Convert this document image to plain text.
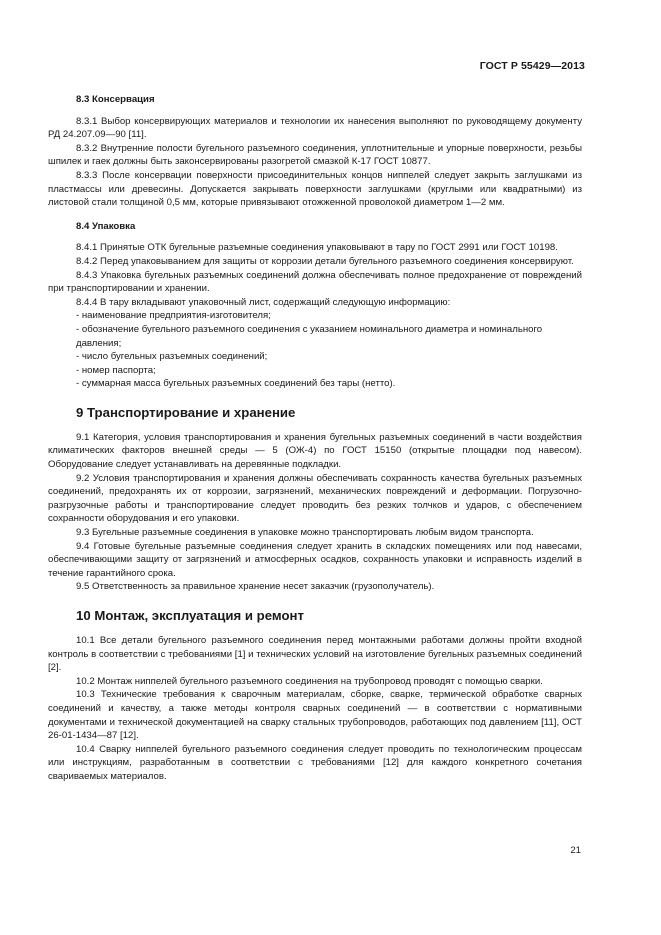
ГОСТ Р 55429—2013
8.3 Консервация

8.3.1 Выбор консервирующих материалов и технологии их нанесения выполняют по руководящему документу РД 24.207.09—90 [11].

8.3.2 Внутренние полости бугельного разъемного соединения, уплотнительные и упорные поверхности, резьбы шпилек и гаек должны быть законсервированы разогретой смазкой К-17 ГОСТ 10877.

8.3.3 После консервации поверхности присоединительных концов ниппелей следует закрыть заглушками из пластмассы или древесины. Допускается закрывать поверхности заглушками (круглыми или квадратными) из листовой стали толщиной 0,5 мм, которые привязывают отожженной проволокой диаметром 1—2 мм.

8.4 Упаковка

8.4.1 Принятые ОТК бугельные разъемные соединения упаковывают в тару по ГОСТ 2991 или ГОСТ 10198.

8.4.2 Перед упаковыванием для защиты от коррозии детали бугельного разъемного соединения консервируют.

8.4.3 Упаковка бугельных разъемных соединений должна обеспечивать полное предохранение от повреждений при транспортировании и хранении.

8.4.4 В тару вкладывают упаковочный лист, содержащий следующую информацию:

- наименование предприятия-изготовителя;

- обозначение бугельного разъемного соединения с указанием номинального диаметра и номинального давления;

- число бугельных разъемных соединений;

- номер паспорта;

- суммарная масса бугельных разъемных соединений без тары (нетто).

9 Транспортирование и хранение

9.1 Категория, условия транспортирования и хранения бугельных разъемных соединений в части воздействия климатических факторов внешней среды — 5 (ОЖ-4) по ГОСТ 15150 (открытые площадки под навесом). Оборудование следует устанавливать на деревянные подкладки.

9.2 Условия транспортирования и хранения должны обеспечивать сохранность качества бугельных разъемных соединений, предохранять их от коррозии, загрязнений, механических повреждений и деформации. Погрузочно-разгрузочные работы и транспортирование следует проводить без резких толчков и ударов, с обеспечением сохранности оборудования и его упаковки.

9.3 Бугельные разъемные соединения в упаковке можно транспортировать любым видом транспорта.

9.4 Готовые бугельные разъемные соединения следует хранить в складских помещениях или под навесами, обеспечивающими защиту от загрязнений и атмосферных осадков, сохранность упаковки и исправность изделий в течение гарантийного срока.

9.5 Ответственность за правильное хранение несет заказчик (грузополучатель).

10 Монтаж, эксплуатация и ремонт

10.1 Все детали бугельного разъемного соединения перед монтажными работами должны пройти входной контроль в соответствии с требованиями [1] и технических условий на изготовление бугельных разъемных соединений [2].

10.2 Монтаж ниппелей бугельного разъемного соединения на трубопровод проводят с помощью сварки.

10.3 Технические требования к сварочным материалам, сборке, сварке, термической обработке сварных соединений и качеству, а также методы контроля сварных соединений — в соответствии с нормативными документами и технической документацией на сварку стальных трубопроводов, работающих под давлением [11], ОСТ 26-01-1434—87 [12].

10.4 Сварку ниппелей бугельного разъемного соединения следует проводить по технологическим процессам или инструкциям, разработанным в соответствии с требованиями [12] для каждого конкретного сочетания свариваемых материалов.

21
